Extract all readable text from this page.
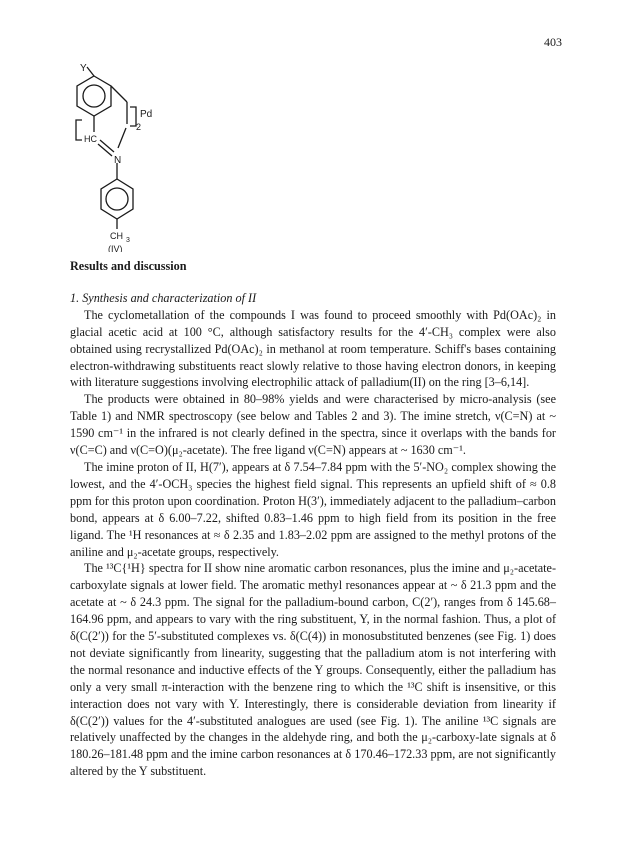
403
Y
Pd
2
HC
N
CH 3
(IV)
Results and discussion
1. Synthesis and characterization of II

The cyclometallation of the compounds I was found to proceed smoothly with Pd(OAc)₂ in glacial acetic acid at 100 °C, although satisfactory results for the 4′-CH₃ complex were also obtained using recrystallized Pd(OAc)₂ in methanol at room temperature. Schiff's bases containing electron-withdrawing substituents react slowly relative to those having electron donors, in keeping with literature suggestions involving electrophilic attack of palladium(II) on the ring [3–6,14].

The products were obtained in 80–98% yields and were characterised by micro-analysis (see Table 1) and NMR spectroscopy (see below and Tables 2 and 3). The imine stretch, ν(C=N) at ~ 1590 cm⁻¹ in the infrared is not clearly defined in the spectra, since it overlaps with the bands for ν(C=C) and ν(C=O)(μ₂-acetate). The free ligand ν(C=N) appears at ~ 1630 cm⁻¹.

The imine proton of II, H(7′), appears at δ 7.54–7.84 ppm with the 5′-NO₂ complex showing the lowest, and the 4′-OCH₃ species the highest field signal. This represents an upfield shift of ≈ 0.8 ppm for this proton upon coordination. Proton H(3′), immediately adjacent to the palladium–carbon bond, appears at δ 6.00–7.22, shifted 0.83–1.46 ppm to high field from its position in the free ligand. The ¹H resonances at ≈ δ 2.35 and 1.83–2.02 ppm are assigned to the methyl protons of the aniline and μ₂-acetate groups, respectively.

The ¹³C{¹H} spectra for II show nine aromatic carbon resonances, plus the imine and μ₂-acetate-carboxylate signals at lower field. The aromatic methyl resonances appear at ~ δ 21.3 ppm and the acetate at ~ δ 24.3 ppm. The signal for the palladium-bound carbon, C(2′), ranges from δ 145.68–164.96 ppm, and appears to vary with the ring substituent, Y, in the normal fashion. Thus, a plot of δ(C(2′)) for the 5′-substituted complexes vs. δ(C(4)) in monosubstituted benzenes (see Fig. 1) does not deviate significantly from linearity, suggesting that the palladium atom is not interfering with the normal resonance and inductive effects of the Y groups. Consequently, either the palladium has only a very small π-interaction with the benzene ring to which the ¹³C shift is insensitive, or this interaction does not vary with Y. Interestingly, there is considerable deviation from linearity if δ(C(2′)) values for the 4′-substituted analogues are used (see Fig. 1). The aniline ¹³C signals are relatively unaffected by the changes in the aldehyde ring, and both the μ₂-carboxy-late signals at δ 180.26–181.48 ppm and the imine carbon resonances at δ 170.46–172.33 ppm, are not significantly altered by the Y substituent.
